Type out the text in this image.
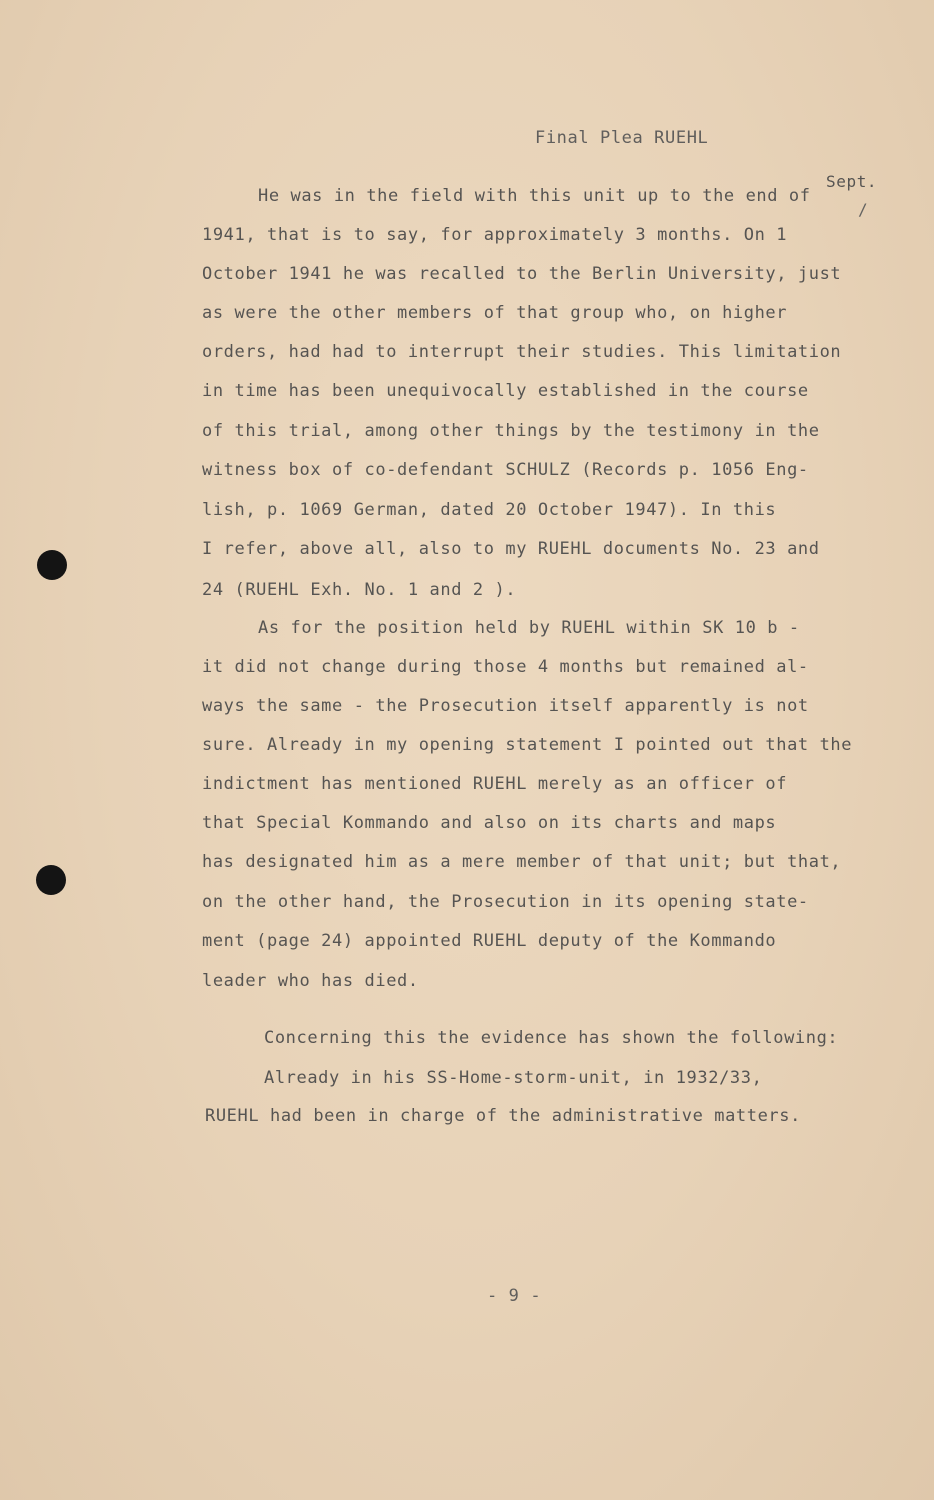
Final Plea RUEHL
Sept.
/
He was in the field with this unit up to the end of
1941, that is to say, for approximately 3 months. On 1
October 1941 he was recalled to the Berlin University, just
as were the other members of that group who, on higher
orders, had had to interrupt their studies. This limitation
in time has been unequivocally established in the course
of this trial, among other things by the testimony in the
witness box of co-defendant SCHULZ (Records p. 1056 Eng-
lish, p. 1069 German, dated 20 October 1947). In this
I refer, above all, also to my RUEHL documents No. 23 and
24 (RUEHL Exh. No. 1 and 2 ).
As for the position held by RUEHL within SK 10 b -
it did not change during those 4 months but remained al-
ways the same - the Prosecution itself apparently is not
sure. Already in my opening statement I pointed out that the
indictment has mentioned RUEHL merely as an officer of
that Special Kommando and also on its charts and maps
has designated him as a mere member of that unit; but that,
on the other hand, the Prosecution in its opening state-
ment (page 24) appointed RUEHL deputy of the Kommando
leader who has died.
Concerning this the evidence has shown the following:
Already in his SS-Home-storm-unit, in 1932/33,
RUEHL had been in charge of the administrative matters.
- 9 -
